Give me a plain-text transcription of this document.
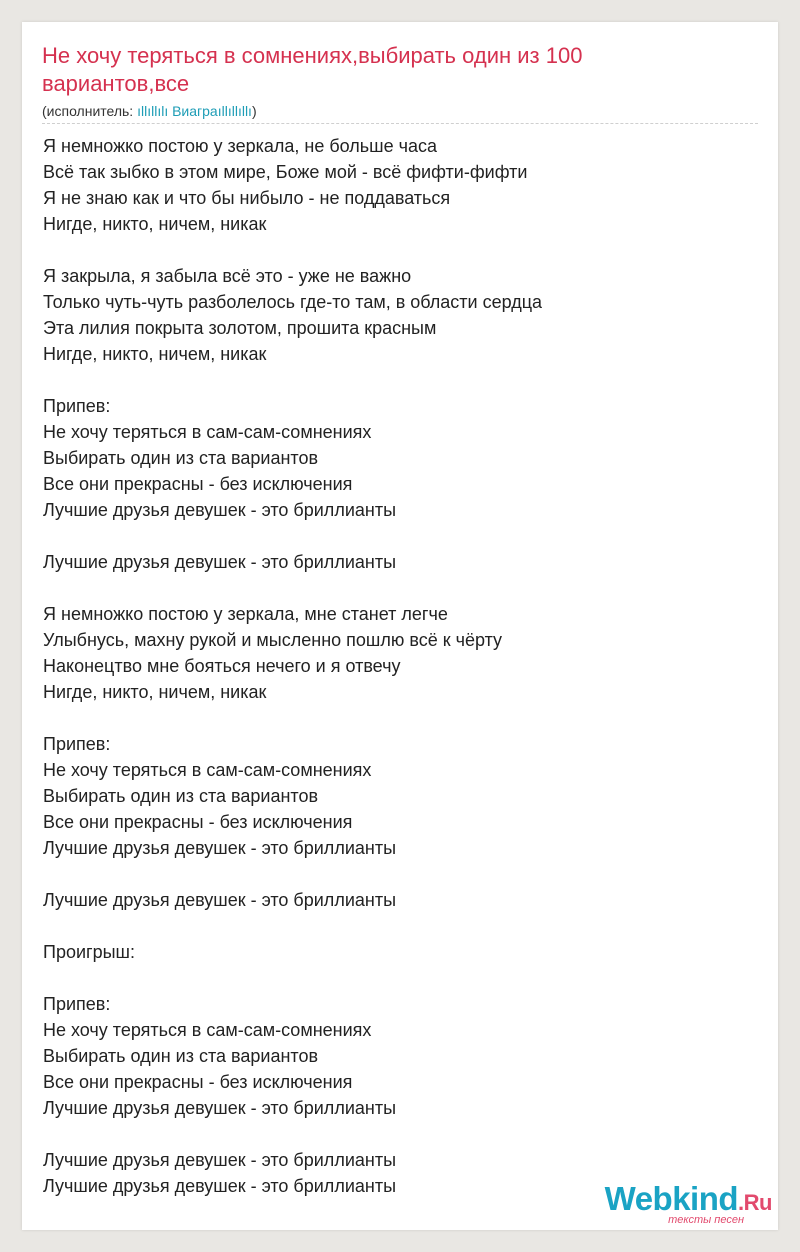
Не хочу теряться в сомнениях,выбирать один из 100 вариантов,все
(исполнитель: ıllıllılı Виаграıllıllıllı)
Я немножко постою у зеркала, не больше часа
Всё так зыбко в этом мире, Боже мой - всё фифти-фифти
Я не знаю как и что бы нибыло - не поддаваться
Нигде, никто, ничем, никак
Я закрыла, я забыла всё это - уже не важно
Только чуть-чуть разболелось где-то там, в области сердца
Эта лилия покрыта золотом, прошита красным
Нигде, никто, ничем, никак
Припев:
Не хочу теряться в сам-сам-сомнениях
Выбирать один из ста вариантов
Все они прекрасны - без исключения
Лучшие друзья девушек - это бриллианты
Лучшие друзья девушек - это бриллианты
Я немножко постою у зеркала, мне станет легче
Улыбнусь, махну рукой и мысленно пошлю всё к чёрту
Наконецтво мне бояться нечего и я отвечу
Нигде, никто, ничем, никак
Припев:
Не хочу теряться в сам-сам-сомнениях
Выбирать один из ста вариантов
Все они прекрасны - без исключения
Лучшие друзья девушек - это бриллианты
Лучшие друзья девушек - это бриллианты
Проигрыш:
Припев:
Не хочу теряться в сам-сам-сомнениях
Выбирать один из ста вариантов
Все они прекрасны - без исключения
Лучшие друзья девушек - это бриллианты
Лучшие друзья девушек - это бриллианты
Лучшие друзья девушек - это бриллианты	Webkind.Ru
тексты песен
